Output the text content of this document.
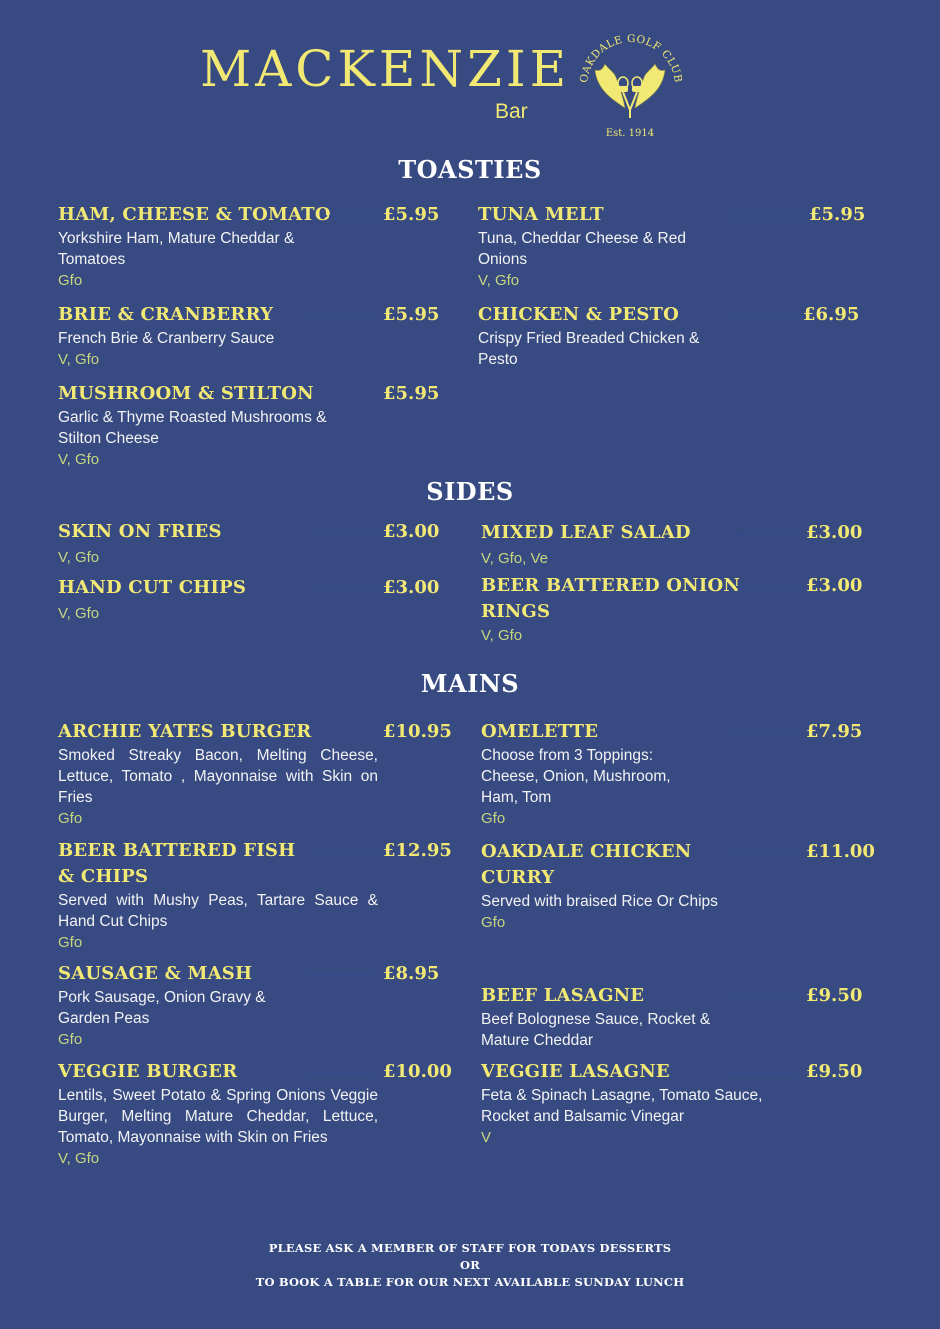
MACKENZIE
Bar
OAKDALE GOLF CLUB
Est. 1914
TOASTIES
HAM, CHEESE & TOMATO	£5.95
Yorkshire Ham, Mature Cheddar & Tomatoes
Gfo
TUNA MELT	£5.95
Tuna, Cheddar Cheese & Red Onions
V, Gfo
BRIE & CRANBERRY	£5.95
French Brie & Cranberry Sauce
V, Gfo
CHICKEN & PESTO	£6.95
Crispy Fried Breaded Chicken & Pesto
MUSHROOM & STILTON	£5.95
Garlic & Thyme Roasted Mushrooms & Stilton Cheese
V, Gfo
SIDES
SKIN ON FRIES	£3.00
V, Gfo
MIXED LEAF SALAD	£3.00
V, Gfo, Ve
HAND CUT CHIPS	£3.00
V, Gfo
BEER BATTERED ONION RINGS
£3.00
V, Gfo
MAINS
ARCHIE YATES BURGER	£10.95
Smoked Streaky Bacon, Melting Cheese, Lettuce, Tomato , Mayonnaise with Skin on Fries
Gfo
OMELETTE	£7.95
Choose from 3 Toppings: Cheese, Onion, Mushroom, Ham, Tom
Gfo
BEER BATTERED FISH & CHIPS
£12.95
Served with Mushy Peas, Tartare Sauce & Hand Cut Chips
Gfo
OAKDALE CHICKEN CURRY
£11.00
Served with braised Rice Or Chips
Gfo
SAUSAGE & MASH	£8.95
Pork Sausage, Onion Gravy & Garden Peas
Gfo
BEEF LASAGNE	£9.50
Beef Bolognese Sauce, Rocket & Mature Cheddar
VEGGIE BURGER	£10.00
Lentils, Sweet Potato & Spring Onions Veggie Burger, Melting Mature Cheddar, Lettuce, Tomato, Mayonnaise with Skin on Fries
V, Gfo
VEGGIE LASAGNE	£9.50
Feta & Spinach Lasagne, Tomato Sauce, Rocket and Balsamic Vinegar
V
PLEASE ASK A MEMBER OF STAFF FOR TODAYS DESSERTS
OR
TO BOOK A TABLE FOR OUR NEXT AVAILABLE SUNDAY LUNCH
